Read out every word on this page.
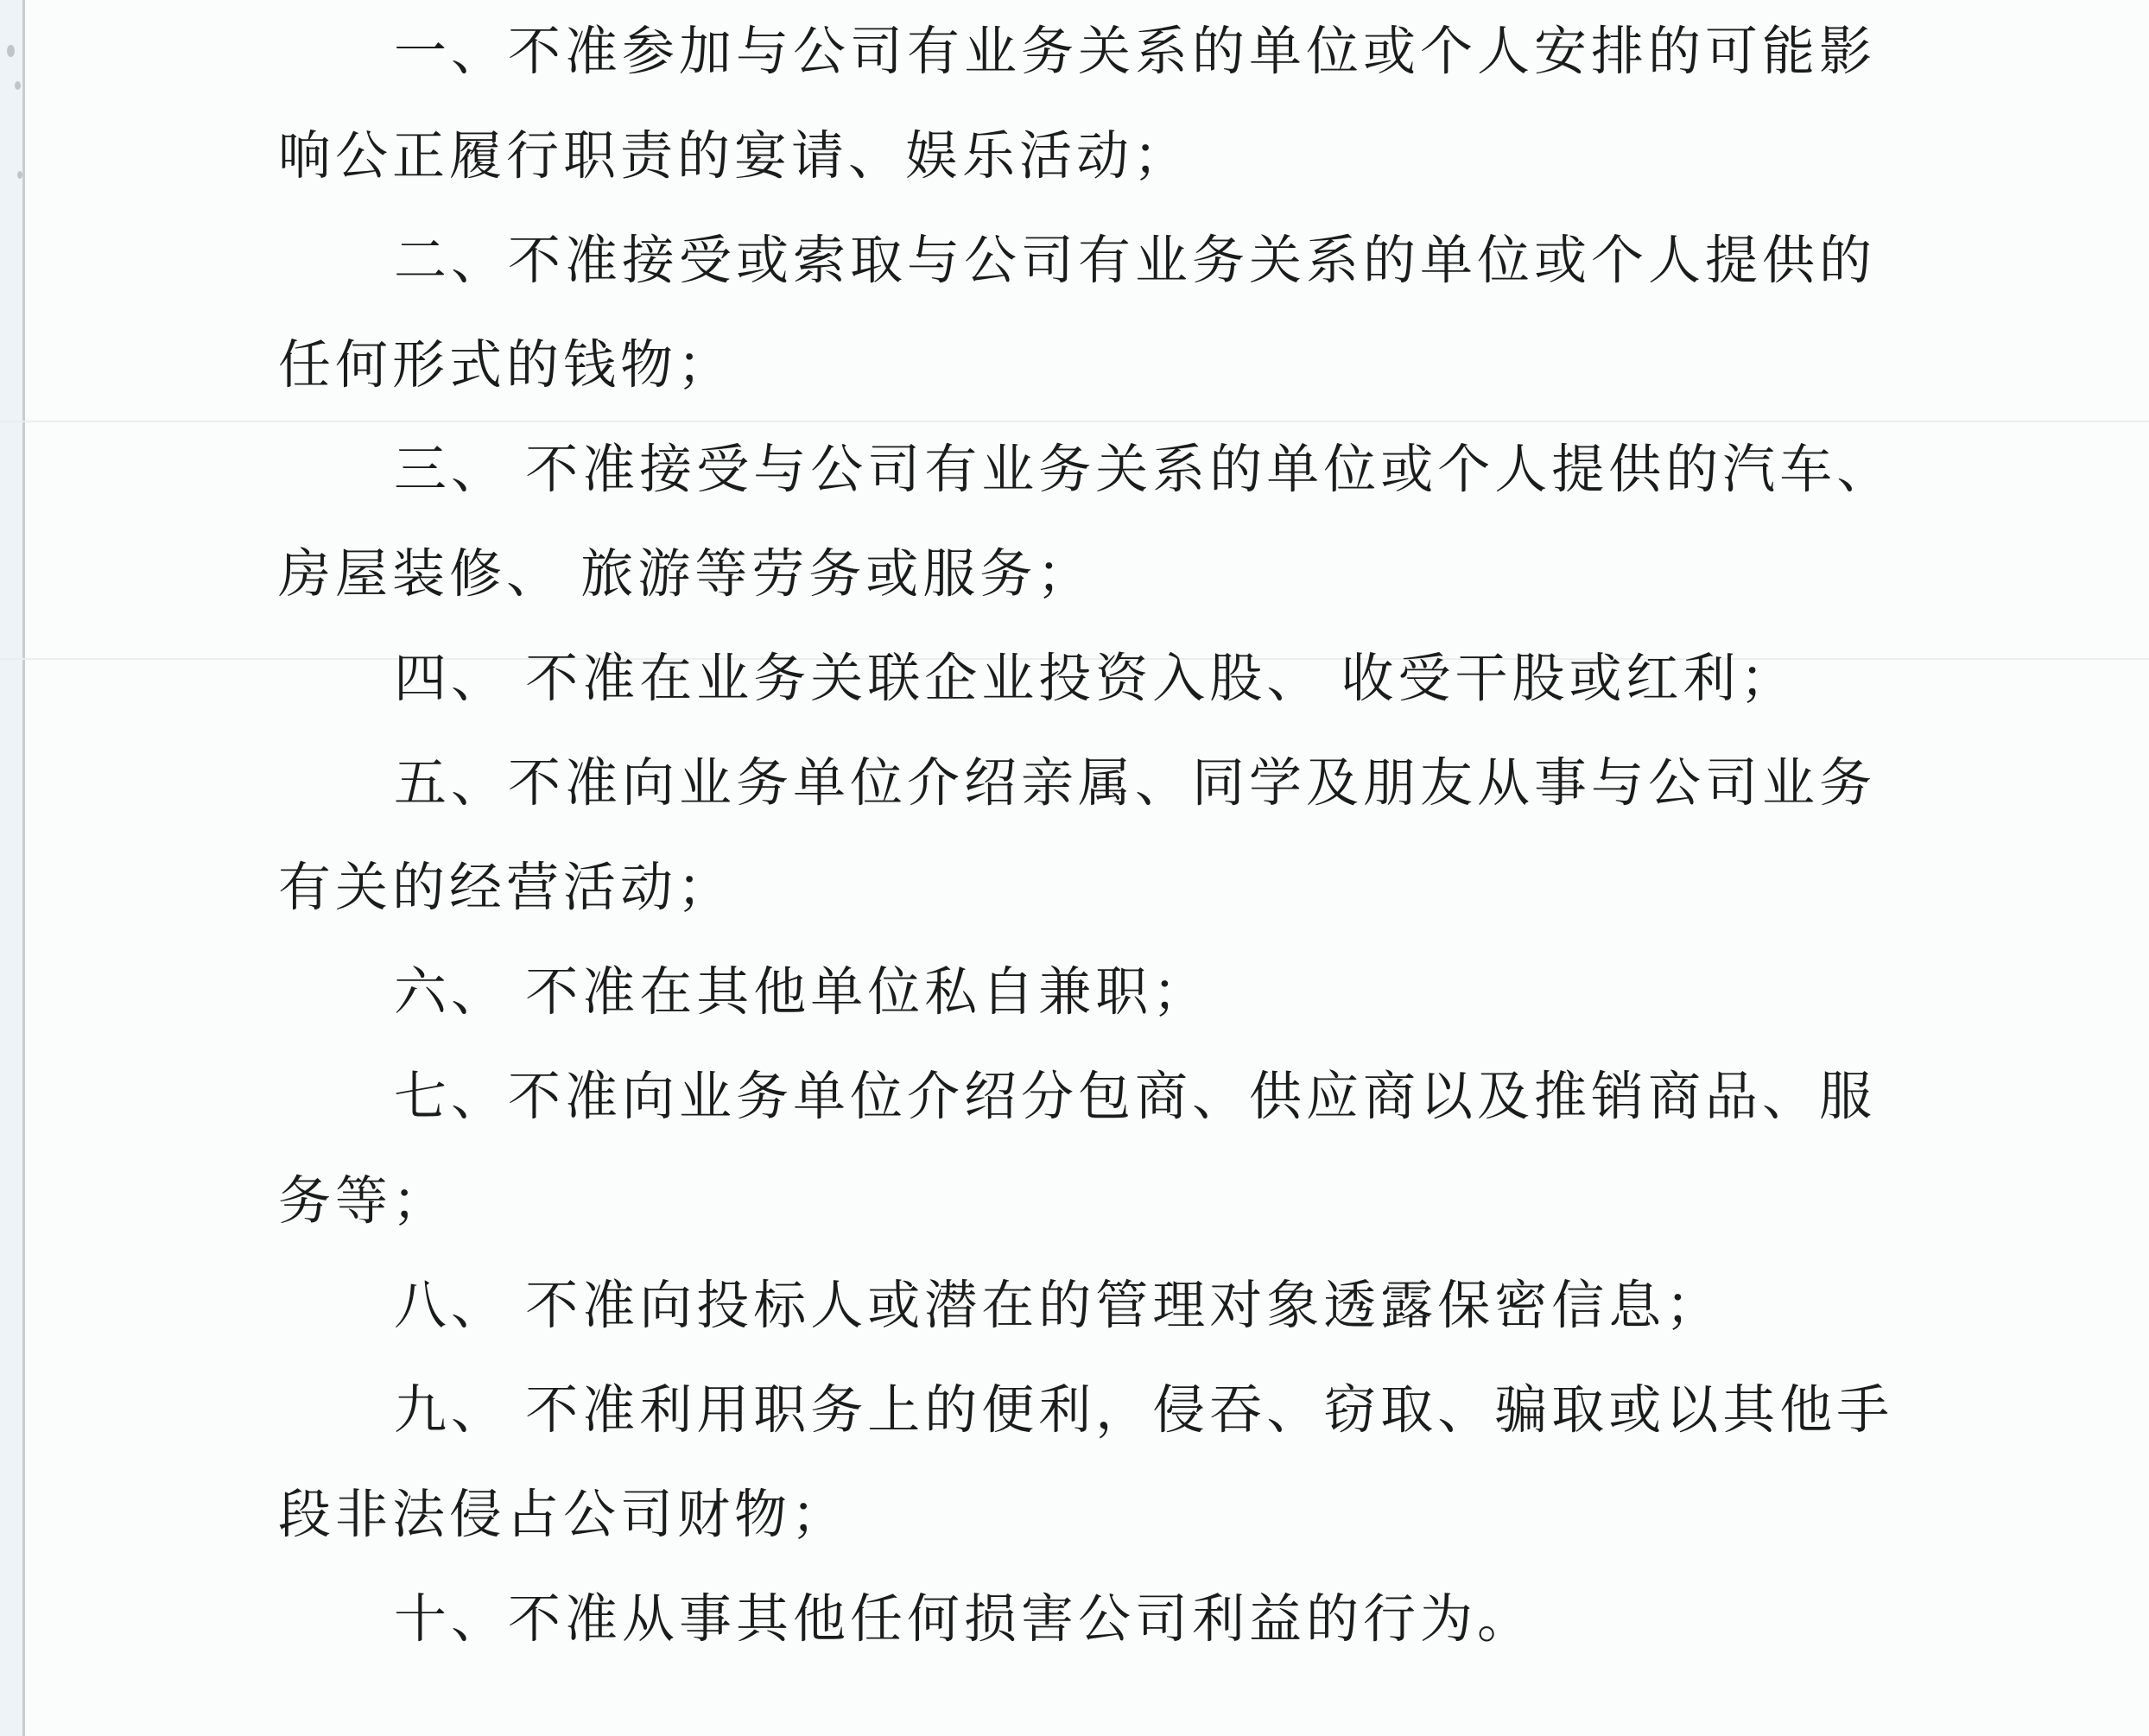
一、不准参加与公司有业务关系的单位或个人安排的可能影
响公正履行职责的宴请、娱乐活动；
二、不准接受或索取与公司有业务关系的单位或个人提供的
任何形式的钱物；
三、 不准接受与公司有业务关系的单位或个人提供的汽车、
房屋装修、 旅游等劳务或服务；
四、 不准在业务关联企业投资入股、 收受干股或红利；
五、不准向业务单位介绍亲属、同学及朋友从事与公司业务
有关的经营活动；
六、 不准在其他单位私自兼职；
七、不准向业务单位介绍分包商、供应商以及推销商品、服
务等；
八、 不准向投标人或潜在的管理对象透露保密信息；
九、 不准利用职务上的便利，侵吞、窃取、骗取或以其他手
段非法侵占公司财物；
十、不准从事其他任何损害公司利益的行为。
